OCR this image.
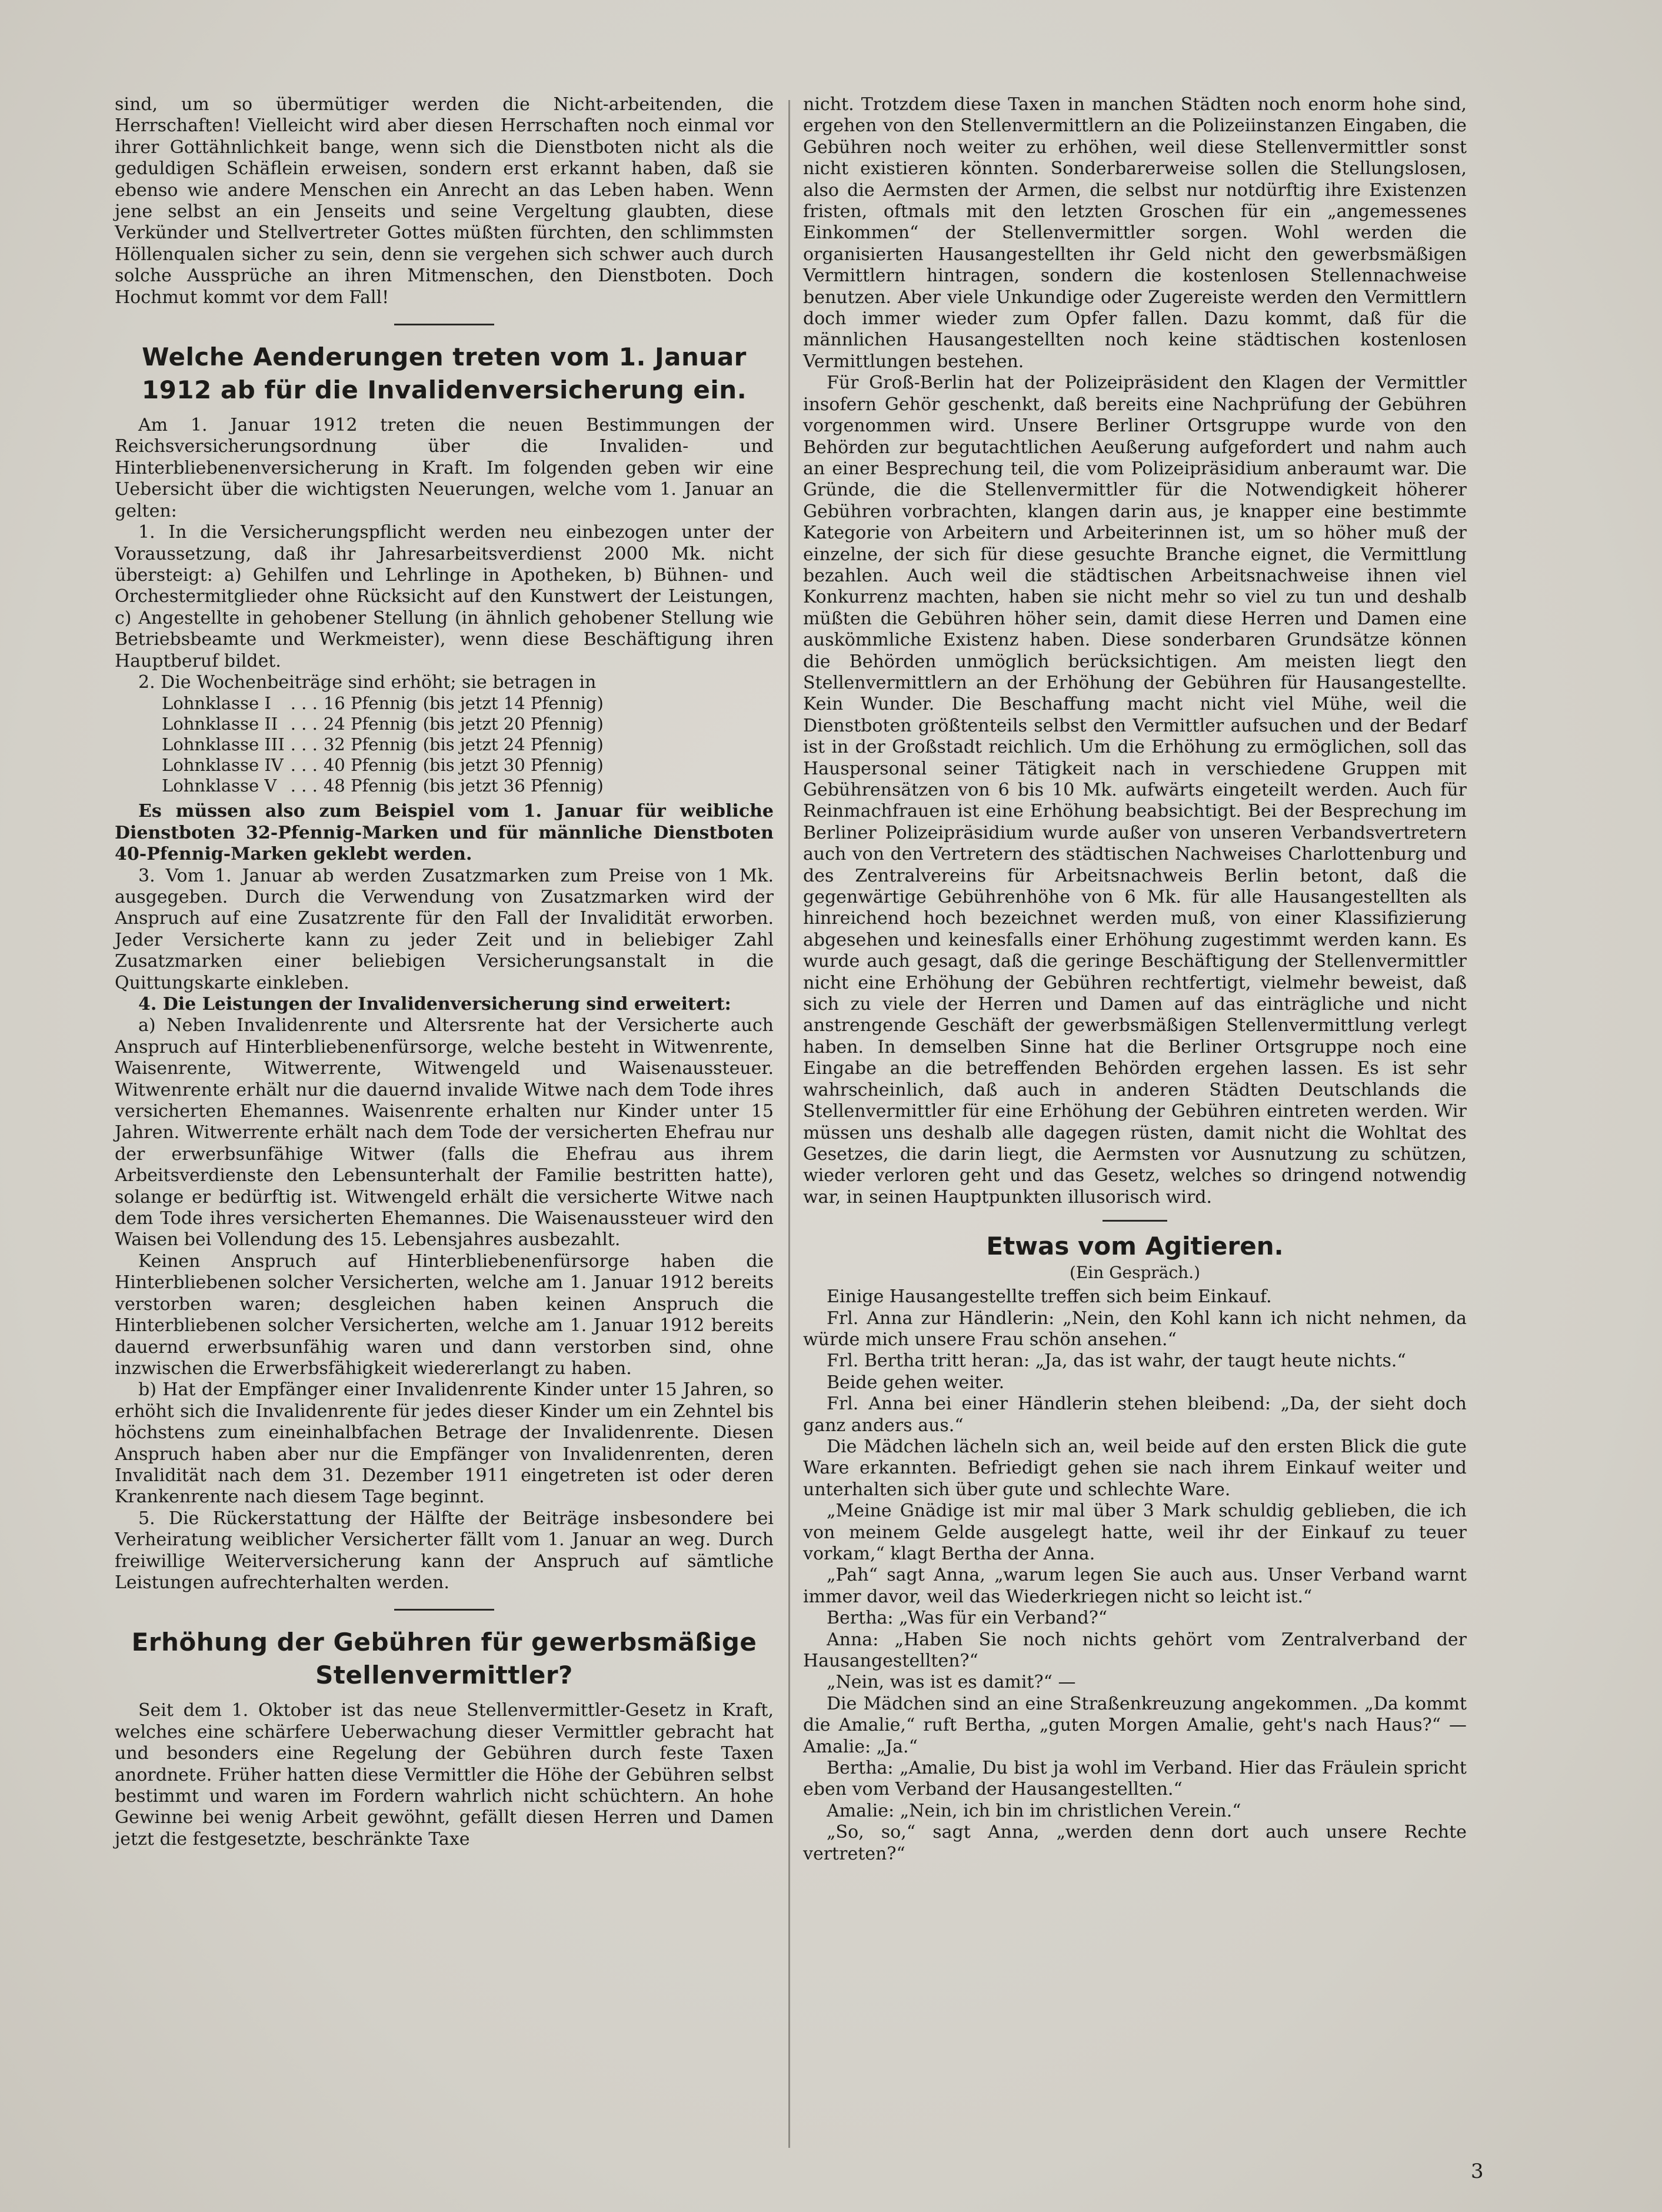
sind, um so übermütiger werden die Nicht-arbeitenden, die Herrschaften! Vielleicht wird aber diesen Herrschaften noch einmal vor ihrer Gottähnlichkeit bange, wenn sich die Dienstboten nicht als die geduldigen Schäflein erweisen, sondern erst erkannt haben, daß sie ebenso wie andere Menschen ein Anrecht an das Leben haben. Wenn jene selbst an ein Jenseits und seine Vergeltung glaubten, diese Verkünder und Stellvertreter Gottes müßten fürchten, den schlimmsten Höllenqualen sicher zu sein, denn sie vergehen sich schwer auch durch solche Aussprüche an ihren Mitmenschen, den Dienstboten. Doch Hochmut kommt vor dem Fall!

Welche Aenderungen treten vom 1. Januar 1912 ab für die Invalidenversicherung ein.

Am 1. Januar 1912 treten die neuen Bestimmungen der Reichsversicherungsordnung über die Invaliden- und Hinterbliebenenversicherung in Kraft. Im folgenden geben wir eine Uebersicht über die wichtigsten Neuerungen, welche vom 1. Januar an gelten:

1. In die Versicherungspflicht werden neu einbezogen unter der Voraussetzung, daß ihr Jahresarbeitsverdienst 2000 Mk. nicht übersteigt: a) Gehilfen und Lehrlinge in Apotheken, b) Bühnen- und Orchestermitglieder ohne Rücksicht auf den Kunstwert der Leistungen, c) Angestellte in gehobener Stellung (in ähnlich gehobener Stellung wie Betriebsbeamte und Werkmeister), wenn diese Beschäftigung ihren Hauptberuf bildet.

2. Die Wochenbeiträge sind erhöht; sie betragen in

Lohnklasse I	. . .	16 Pfennig	(bis jetzt 14 Pfennig)
Lohnklasse II	. . .	24 Pfennig	(bis jetzt 20 Pfennig)
Lohnklasse III	. . .	32 Pfennig	(bis jetzt 24 Pfennig)
Lohnklasse IV	. . .	40 Pfennig	(bis jetzt 30 Pfennig)
Lohnklasse V	. . .	48 Pfennig	(bis jetzt 36 Pfennig)

Es müssen also zum Beispiel vom 1. Januar für weibliche Dienstboten 32-Pfennig-Marken und für männliche Dienstboten 40-Pfennig-Marken geklebt werden.

3. Vom 1. Januar ab werden Zusatzmarken zum Preise von 1 Mk. ausgegeben. Durch die Verwendung von Zusatzmarken wird der Anspruch auf eine Zusatzrente für den Fall der Invalidität erworben. Jeder Versicherte kann zu jeder Zeit und in beliebiger Zahl Zusatzmarken einer beliebigen Versicherungsanstalt in die Quittungskarte einkleben.

4. Die Leistungen der Invalidenversicherung sind erweitert:

a) Neben Invalidenrente und Altersrente hat der Versicherte auch Anspruch auf Hinterbliebenenfürsorge, welche besteht in Witwenrente, Waisenrente, Witwerrente, Witwengeld und Waisenaussteuer. Witwenrente erhält nur die dauernd invalide Witwe nach dem Tode ihres versicherten Ehemannes. Waisenrente erhalten nur Kinder unter 15 Jahren. Witwerrente erhält nach dem Tode der versicherten Ehefrau nur der erwerbsunfähige Witwer (falls die Ehefrau aus ihrem Arbeitsverdienste den Lebensunterhalt der Familie bestritten hatte), solange er bedürftig ist. Witwengeld erhält die versicherte Witwe nach dem Tode ihres versicherten Ehemannes. Die Waisenaussteuer wird den Waisen bei Vollendung des 15. Lebensjahres ausbezahlt.

Keinen Anspruch auf Hinterbliebenenfürsorge haben die Hinterbliebenen solcher Versicherten, welche am 1. Januar 1912 bereits verstorben waren; desgleichen haben keinen Anspruch die Hinterbliebenen solcher Versicherten, welche am 1. Januar 1912 bereits dauernd erwerbsunfähig waren und dann verstorben sind, ohne inzwischen die Erwerbsfähigkeit wiedererlangt zu haben.

b) Hat der Empfänger einer Invalidenrente Kinder unter 15 Jahren, so erhöht sich die Invalidenrente für jedes dieser Kinder um ein Zehntel bis höchstens zum eineinhalbfachen Betrage der Invalidenrente. Diesen Anspruch haben aber nur die Empfänger von Invalidenrenten, deren Invalidität nach dem 31. Dezember 1911 eingetreten ist oder deren Krankenrente nach diesem Tage beginnt.

5. Die Rückerstattung der Hälfte der Beiträge insbesondere bei Verheiratung weiblicher Versicherter fällt vom 1. Januar an weg. Durch freiwillige Weiterversicherung kann der Anspruch auf sämtliche Leistungen aufrechterhalten werden.

Erhöhung der Gebühren für gewerbsmäßige Stellenvermittler?

Seit dem 1. Oktober ist das neue Stellenvermittler-Gesetz in Kraft, welches eine schärfere Ueberwachung dieser Vermittler gebracht hat und besonders eine Regelung der Gebühren durch feste Taxen anordnete. Früher hatten diese Vermittler die Höhe der Gebühren selbst bestimmt und waren im Fordern wahrlich nicht schüchtern. An hohe Gewinne bei wenig Arbeit gewöhnt, gefällt diesen Herren und Damen jetzt die festgesetzte, beschränkte Taxe

nicht. Trotzdem diese Taxen in manchen Städten noch enorm hohe sind, ergehen von den Stellenvermittlern an die Polizeiinstanzen Eingaben, die Gebühren noch weiter zu erhöhen, weil diese Stellenvermittler sonst nicht existieren könnten. Sonderbarerweise sollen die Stellungslosen, also die Aermsten der Armen, die selbst nur notdürftig ihre Existenzen fristen, oftmals mit den letzten Groschen für ein „angemessenes Einkommen“ der Stellenvermittler sorgen. Wohl werden die organisierten Hausangestellten ihr Geld nicht den gewerbsmäßigen Vermittlern hintragen, sondern die kostenlosen Stellennachweise benutzen. Aber viele Unkundige oder Zugereiste werden den Vermittlern doch immer wieder zum Opfer fallen. Dazu kommt, daß für die männlichen Hausangestellten noch keine städtischen kostenlosen Vermittlungen bestehen.

Für Groß-Berlin hat der Polizeipräsident den Klagen der Vermittler insofern Gehör geschenkt, daß bereits eine Nachprüfung der Gebühren vorgenommen wird. Unsere Berliner Ortsgruppe wurde von den Behörden zur begutachtlichen Aeußerung aufgefordert und nahm auch an einer Besprechung teil, die vom Polizeipräsidium anberaumt war. Die Gründe, die die Stellenvermittler für die Notwendigkeit höherer Gebühren vorbrachten, klangen darin aus, je knapper eine bestimmte Kategorie von Arbeitern und Arbeiterinnen ist, um so höher muß der einzelne, der sich für diese gesuchte Branche eignet, die Vermittlung bezahlen. Auch weil die städtischen Arbeitsnachweise ihnen viel Konkurrenz machten, haben sie nicht mehr so viel zu tun und deshalb müßten die Gebühren höher sein, damit diese Herren und Damen eine auskömmliche Existenz haben. Diese sonderbaren Grundsätze können die Behörden unmöglich berücksichtigen. Am meisten liegt den Stellenvermittlern an der Erhöhung der Gebühren für Hausangestellte. Kein Wunder. Die Beschaffung macht nicht viel Mühe, weil die Dienstboten größtenteils selbst den Vermittler aufsuchen und der Bedarf ist in der Großstadt reichlich. Um die Erhöhung zu ermöglichen, soll das Hauspersonal seiner Tätigkeit nach in verschiedene Gruppen mit Gebührensätzen von 6 bis 10 Mk. aufwärts eingeteilt werden. Auch für Reinmachfrauen ist eine Erhöhung beabsichtigt. Bei der Besprechung im Berliner Polizeipräsidium wurde außer von unseren Verbandsvertretern auch von den Vertretern des städtischen Nachweises Charlottenburg und des Zentralvereins für Arbeitsnachweis Berlin betont, daß die gegenwärtige Gebührenhöhe von 6 Mk. für alle Hausangestellten als hinreichend hoch bezeichnet werden muß, von einer Klassifizierung abgesehen und keinesfalls einer Erhöhung zugestimmt werden kann. Es wurde auch gesagt, daß die geringe Beschäftigung der Stellenvermittler nicht eine Erhöhung der Gebühren rechtfertigt, vielmehr beweist, daß sich zu viele der Herren und Damen auf das einträgliche und nicht anstrengende Geschäft der gewerbsmäßigen Stellenvermittlung verlegt haben. In demselben Sinne hat die Berliner Ortsgruppe noch eine Eingabe an die betreffenden Behörden ergehen lassen. Es ist sehr wahrscheinlich, daß auch in anderen Städten Deutschlands die Stellenvermittler für eine Erhöhung der Gebühren eintreten werden. Wir müssen uns deshalb alle dagegen rüsten, damit nicht die Wohltat des Gesetzes, die darin liegt, die Aermsten vor Ausnutzung zu schützen, wieder verloren geht und das Gesetz, welches so dringend notwendig war, in seinen Hauptpunkten illusorisch wird.

Etwas vom Agitieren.
(Ein Gespräch.)

Einige Hausangestellte treffen sich beim Einkauf.

Frl. Anna zur Händlerin: „Nein, den Kohl kann ich nicht nehmen, da würde mich unsere Frau schön ansehen.“

Frl. Bertha tritt heran: „Ja, das ist wahr, der taugt heute nichts.“

Beide gehen weiter.

Frl. Anna bei einer Händlerin stehen bleibend: „Da, der sieht doch ganz anders aus.“

Die Mädchen lächeln sich an, weil beide auf den ersten Blick die gute Ware erkannten. Befriedigt gehen sie nach ihrem Einkauf weiter und unterhalten sich über gute und schlechte Ware.

„Meine Gnädige ist mir mal über 3 Mark schuldig geblieben, die ich von meinem Gelde ausgelegt hatte, weil ihr der Einkauf zu teuer vorkam,“ klagt Bertha der Anna.

„Pah“ sagt Anna, „warum legen Sie auch aus. Unser Verband warnt immer davor, weil das Wiederkriegen nicht so leicht ist.“

Bertha: „Was für ein Verband?“

Anna: „Haben Sie noch nichts gehört vom Zentralverband der Hausangestellten?“

„Nein, was ist es damit?“ —

Die Mädchen sind an eine Straßenkreuzung angekommen. „Da kommt die Amalie,“ ruft Bertha, „guten Morgen Amalie, geht's nach Haus?“ — Amalie: „Ja.“

Bertha: „Amalie, Du bist ja wohl im Verband. Hier das Fräulein spricht eben vom Verband der Hausangestellten.“

Amalie: „Nein, ich bin im christlichen Verein.“

„So, so,“ sagt Anna, „werden denn dort auch unsere Rechte vertreten?“

3
